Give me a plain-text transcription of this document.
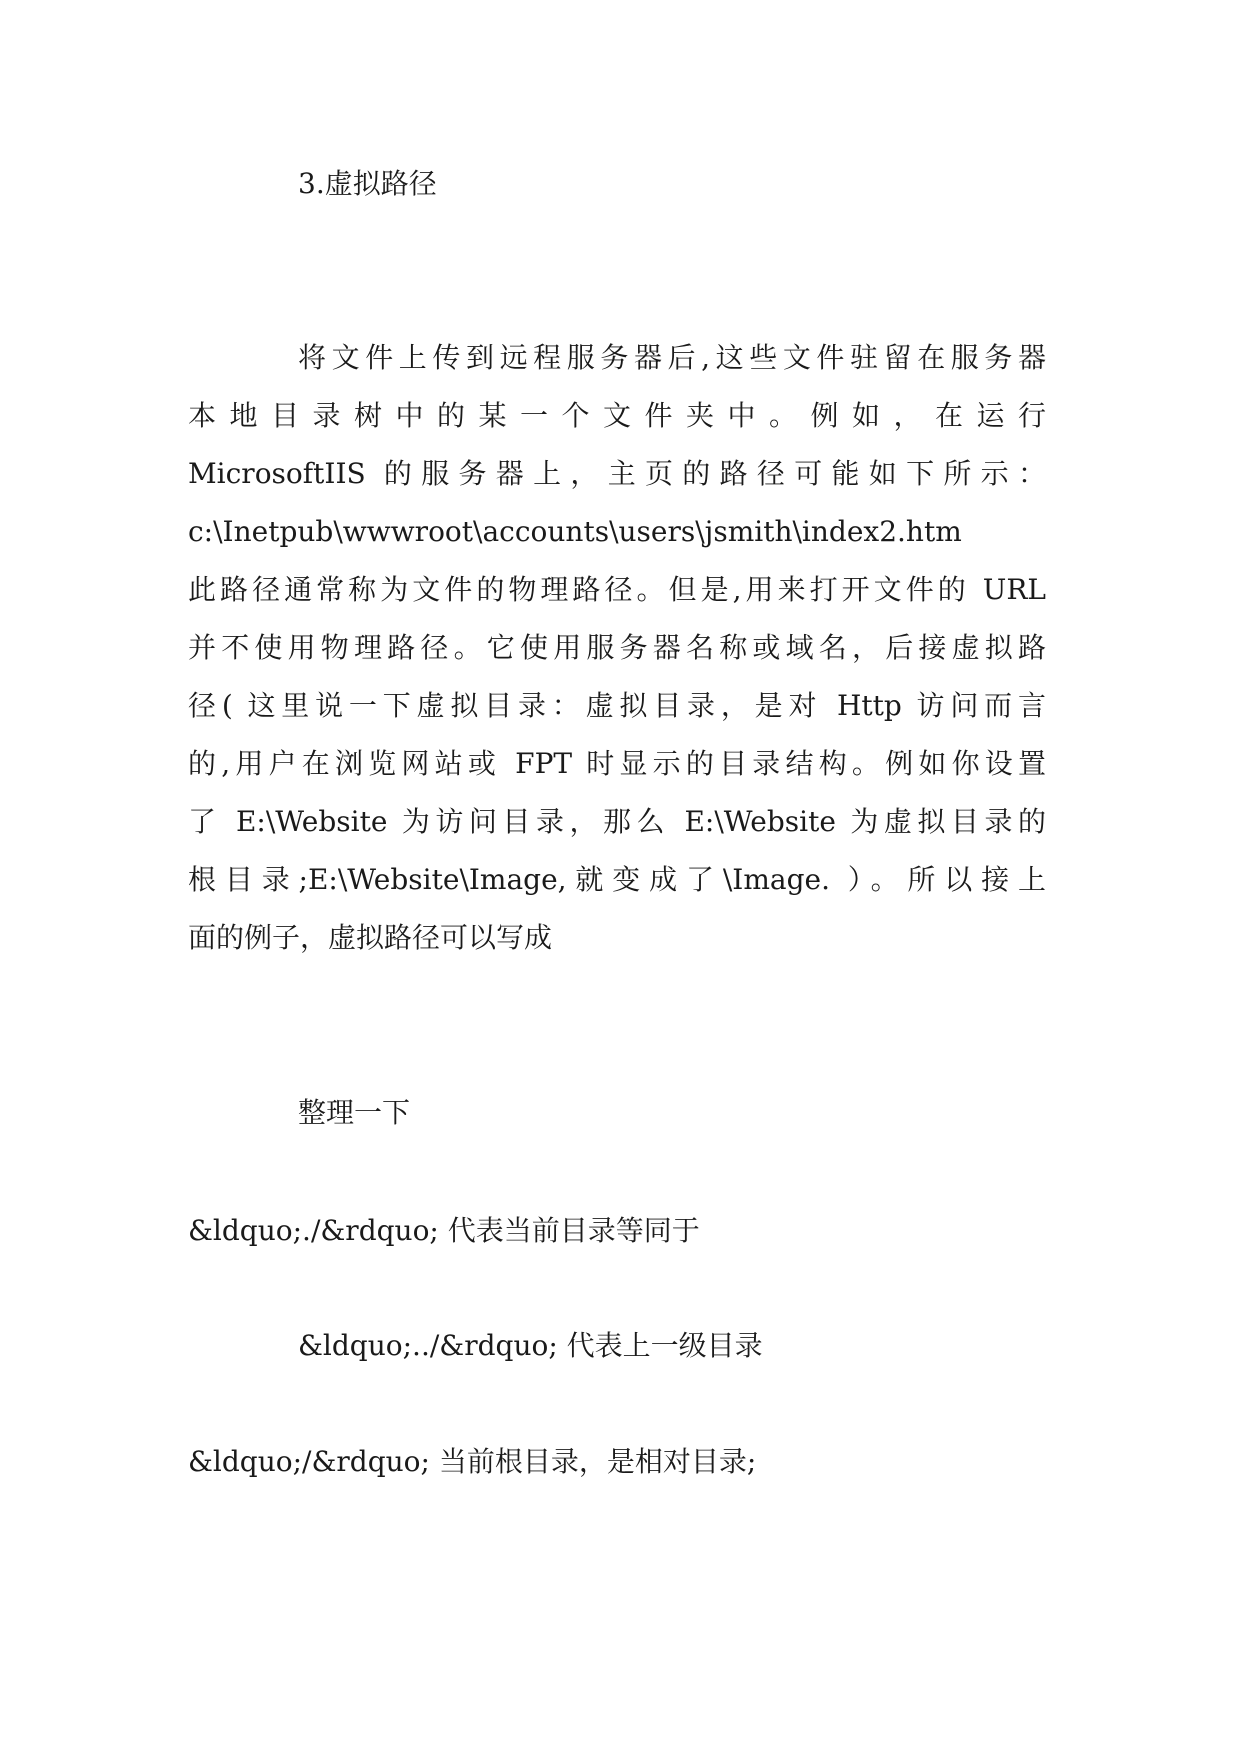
3.虚拟路径
将文件上传到远程服务器后,这些文件驻留在服务器
本 地 目 录 树 中 的 某 一 个 文 件 夹 中 。 例 如 ， 在 运 行
MicrosoftIIS 的服务器上，主页的路径可能如下所示：
c:\Inetpub\wwwroot\accounts\users\jsmith\index2.htm
此路径通常称为文件的物理路径。但是,用来打开文件的 URL
并不使用物理路径。它使用服务器名称或域名，后接虚拟路
径( 这里说一下虚拟目录：虚拟目录，是对 Http 访问而言
的,用户在浏览网站或 FPT 时显示的目录结构。例如你设置
了 E:\Website 为访问目录，那么 E:\Website 为虚拟目录的
根目录;E:\Website\Image,就变成了\Image. ）。所以接上
面的例子，虚拟路径可以写成
整理一下
&ldquo;./&rdquo; 代表当前目录等同于
&ldquo;../&rdquo; 代表上一级目录
&ldquo;/&rdquo; 当前根目录，是相对目录;
